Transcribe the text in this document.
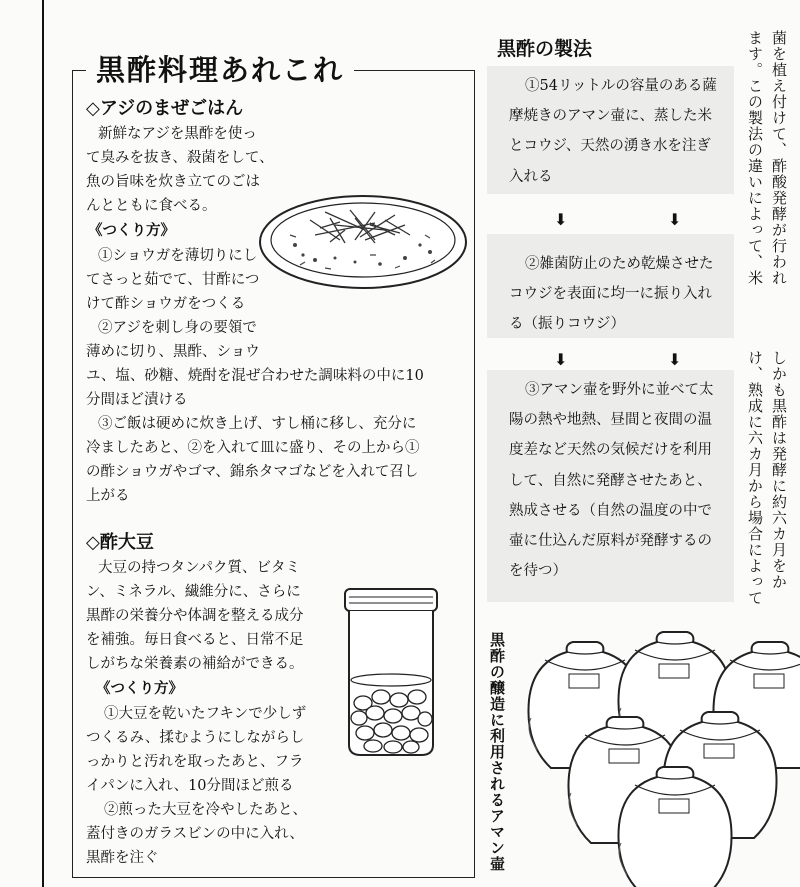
黒酢料理あれこれ
◇アジのまぜごはん
新鮮なアジを黒酢を使っ
て臭みを抜き、殺菌をして、
魚の旨味を炊き立てのごは
んとともに食べる。
《つくり方》
①ショウガを薄切りにし
てさっと茹でて、甘酢につ
けて酢ショウガをつくる
②アジを刺し身の要領で
薄めに切り、黒酢、ショウ
ユ、塩、砂糖、焼酎を混ぜ合わせた調味料の中に10
分間ほど漬ける
③ご飯は硬めに炊き上げ、すし桶に移し、充分に
冷ましたあと、②を入れて皿に盛り、その上から①
の酢ショウガやゴマ、錦糸タマゴなどを入れて召し
上がる
◇酢大豆
大豆の持つタンパク質、ビタミ
ン、ミネラル、繊維分に、さらに
黒酢の栄養分や体調を整える成分
を補強。毎日食べると、日常不足
しがちな栄養素の補給ができる。
《つくり方》
①大豆を乾いたフキンで少しず
つくるみ、揉むようにしながらし
っかりと汚れを取ったあと、フラ
イパンに入れ、10分間ほど煎る
②煎った大豆を冷やしたあと、
蓋付きのガラスビンの中に入れ、
黒酢を注ぐ
黒酢の製法
①54リットルの容量のある薩
摩焼きのアマン壷に、蒸した米
とコウジ、天然の湧き水を注ぎ
入れる
⬇	⬇
②雑菌防止のため乾燥させた
コウジを表面に均一に振り入れ
る（振りコウジ）
⬇	⬇
③アマン壷を野外に並べて太
陽の熱や地熱、昼間と夜間の温
度差など天然の気候だけを利用
して、自然に発酵させたあと、
熟成させる（自然の温度の中で
壷に仕込んだ原料が発酵するの
を待つ）
菌を植え付けて、酢酸発酵が行われ
ます。この製法の違いによって、米
しかも黒酢は発酵に約六カ月をか
け、熟成に六カ月から場合によって
黒酢の醸造に利用されるアマン壷
